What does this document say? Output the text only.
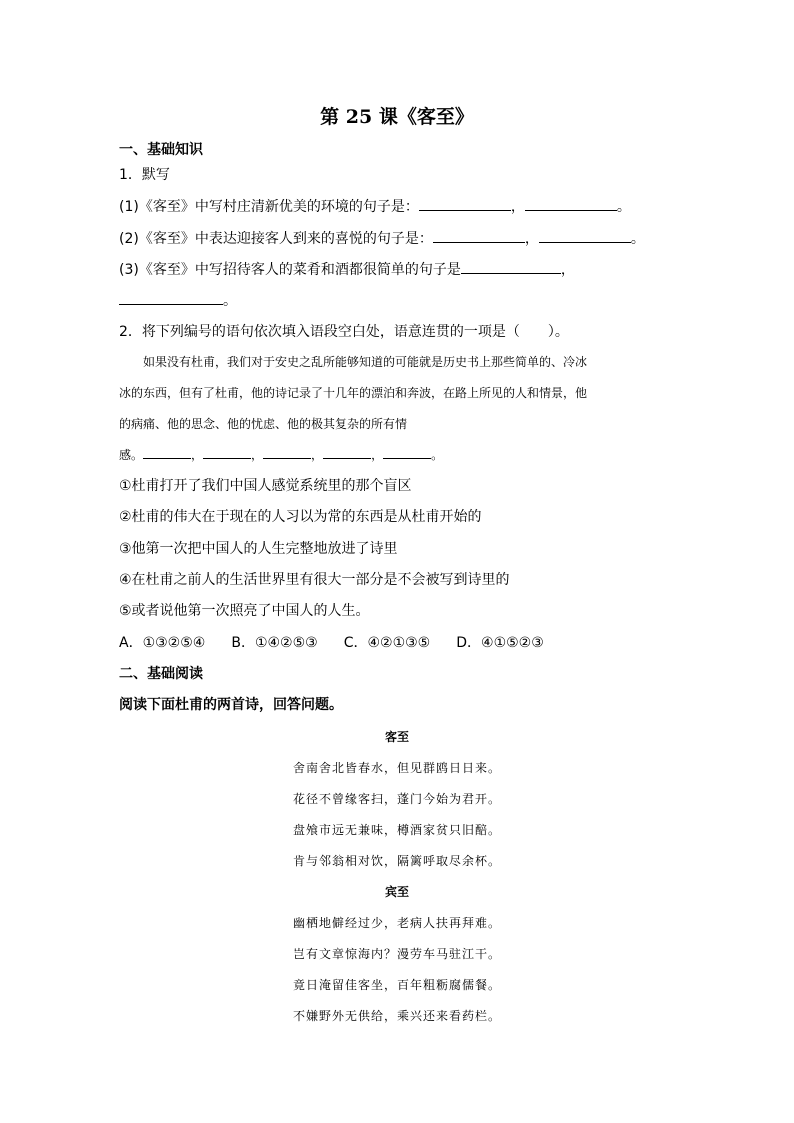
第 25 课《客至》
一、基础知识
1．默写
(1)《客至》中写村庄清新优美的环境的句子是：	，	。
(2)《客至》中表达迎接客人到来的喜悦的句子是：	，	。
(3)《客至》中写招待客人的菜肴和酒都很简单的句子是	，
。
2．将下列编号的语句依次填入语段空白处，语意连贯的一项是（　　）。

如果没有杜甫，我们对于安史之乱所能够知道的可能就是历史书上那些简单的、冷冰

冰的东西，但有了杜甫，他的诗记录了十几年的漂泊和奔波，在路上所见的人和情景，他
的病痛、他的思念、他的忧虑、他的极其复杂的所有情
感。	，	，	，	，	。
①杜甫打开了我们中国人感觉系统里的那个盲区
②杜甫的伟大在于现在的人习以为常的东西是从杜甫开始的
③他第一次把中国人的人生完整地放进了诗里
④在杜甫之前人的生活世界里有很大一部分是不会被写到诗里的
⑤或者说他第一次照亮了中国人的人生。
A．①③②⑤④ B．①④②⑤③ C．④②①③⑤ D．④①⑤②③
二、基础阅读
阅读下面杜甫的两首诗，回答问题。
客至
舍南舍北皆春水，但见群鸥日日来。
花径不曾缘客扫，蓬门今始为君开。
盘飧市远无兼味，樽酒家贫只旧醅。
肯与邻翁相对饮，隔篱呼取尽余杯。
宾至
幽栖地僻经过少，老病人扶再拜难。
岂有文章惊海内？漫劳车马驻江干。
竟日淹留佳客坐，百年粗粝腐儒餐。
不嫌野外无供给，乘兴还来看药栏。
